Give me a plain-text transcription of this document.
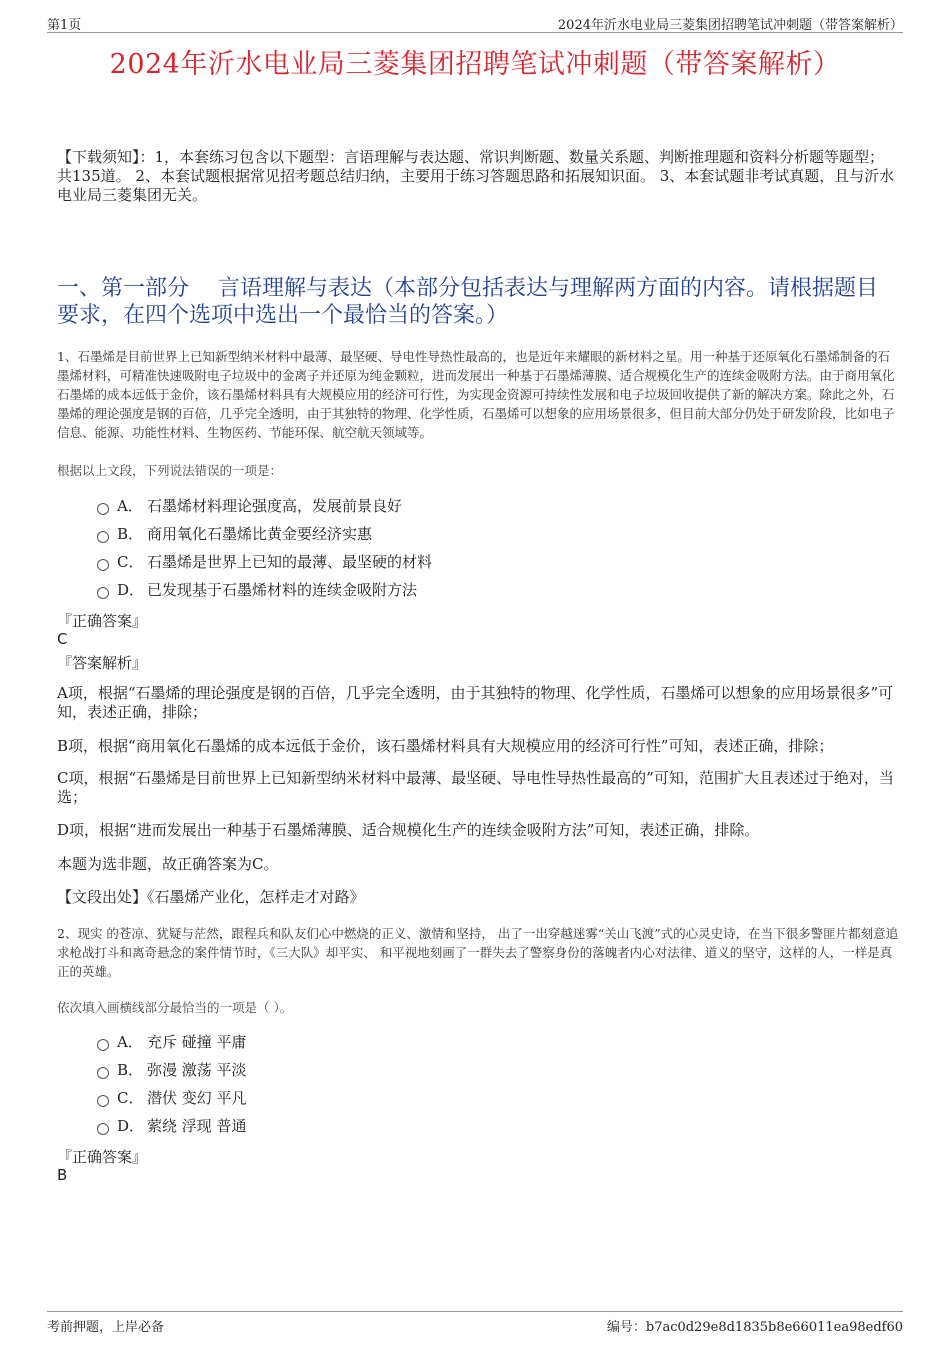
第1页	2024年沂水电业局三菱集团招聘笔试冲刺题（带答案解析）
2024年沂水电业局三菱集团招聘笔试冲刺题（带答案解析）
【下载须知】：1，本套练习包含以下题型：言语理解与表达题、常识判断题、数量关系题、判断推理题和资料分析题等题型；共135道。 2、本套试题根据常见招考题总结归纳，主要用于练习答题思路和拓展知识面。 3、本套试题非考试真题，且与沂水电业局三菱集团无关。
一、第一部分　 言语理解与表达（本部分包括表达与理解两方面的内容。请根据题目要求，在四个选项中选出一个最恰当的答案。）
1、石墨烯是目前世界上已知新型纳米材料中最薄、最坚硬、导电性导热性最高的，也是近年来耀眼的新材料之星。用一种基于还原氧化石墨烯制备的石墨烯材料，可精准快速吸附电子垃圾中的金离子并还原为纯金颗粒，进而发展出一种基于石墨烯薄膜、适合规模化生产的连续金吸附方法。由于商用氧化石墨烯的成本远低于金价，该石墨烯材料具有大规模应用的经济可行性，为实现金资源可持续性发展和电子垃圾回收提供了新的解决方案。除此之外，石墨烯的理论强度是钢的百倍，几乎完全透明，由于其独特的物理、化学性质，石墨烯可以想象的应用场景很多，但目前大部分仍处于研发阶段，比如电子信息、能源、功能性材料、生物医药、节能环保、航空航天领域等。
根据以上文段，下列说法错误的一项是：
A． 石墨烯材料理论强度高，发展前景良好
B． 商用氧化石墨烯比黄金要经济实惠
C． 石墨烯是世界上已知的最薄、最坚硬的材料
D． 已发现基于石墨烯材料的连续金吸附方法
『正确答案』
C
『答案解析』
A项，根据“石墨烯的理论强度是钢的百倍，几乎完全透明，由于其独特的物理、化学性质，石墨烯可以想象的应用场景很多”可知，表述正确，排除；
B项，根据“商用氧化石墨烯的成本远低于金价，该石墨烯材料具有大规模应用的经济可行性”可知，表述正确，排除；
C项，根据“石墨烯是目前世界上已知新型纳米材料中最薄、最坚硬、导电性导热性最高的”可知，范围扩大且表述过于绝对，当选；
D项，根据“进而发展出一种基于石墨烯薄膜、适合规模化生产的连续金吸附方法”可知，表述正确，排除。
本题为选非题，故正确答案为C。
【文段出处】《石墨烯产业化，怎样走才对路》
2、现实 的苍凉、犹疑与茫然，跟程兵和队友们心中燃烧的正义、激情和坚持， 出了一出穿越迷雾“关山飞渡”式的心灵史诗，在当下很多警匪片都刻意追求枪战打斗和离奇悬念的案件情节时，《三大队》却平实、 和平视地刻画了一群失去了警察身份的落魄者内心对法律、道义的坚守，这样的人，一样是真正的英雄。
依次填入画横线部分最恰当的一项是（ ）。
A． 充斥 碰撞 平庸
B． 弥漫 激荡 平淡
C． 潜伏 变幻 平凡
D． 萦绕 浮现 普通
『正确答案』
B
考前押题，上岸必备	编号：b7ac0d29e8d1835b8e66011ea98edf60
